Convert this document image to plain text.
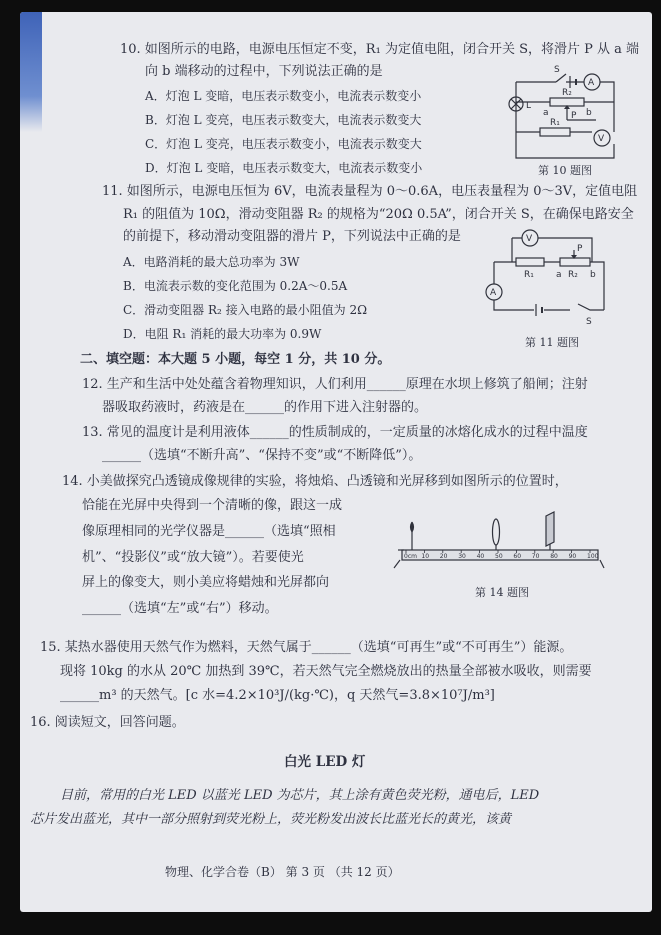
10. 如图所示的电路，电源电压恒定不变，R₁ 为定值电阻，闭合开关 S，将滑片 P 从 a 端
向 b 端移动的过程中，下列说法正确的是
A．灯泡 L 变暗，电压表示数变小，电流表示数变小
B．灯泡 L 变亮，电压表示数变大，电流表示数变大
C．灯泡 L 变亮，电压表示数变小，电流表示数变大
D．灯泡 L 变暗，电压表示数变大，电流表示数变小
S
A
L
R₂
a P b
R₁
V
第 10 题图
11. 如图所示，电源电压恒为 6V，电流表量程为 0～0.6A，电压表量程为 0～3V，定值电阻
R₁ 的阻值为 10Ω，滑动变阻器 R₂ 的规格为“20Ω 0.5A”，闭合开关 S，在确保电路安全
的前提下，移动滑动变阻器的滑片 P，下列说法中正确的是
A．电路消耗的最大总功率为 3W
B．电流表示数的变化范围为 0.2A～0.5A
C．滑动变阻器 R₂ 接入电路的最小阻值为 2Ω
D．电阻 R₁ 消耗的最大功率为 0.9W
V
P
R₁ a R₂ b
A
S
第 11 题图
二、填空题：本大题 5 小题，每空 1 分，共 10 分。
12. 生产和生活中处处蕴含着物理知识，人们利用______原理在水坝上修筑了船闸；注射
器吸取药液时，药液是在______的作用下进入注射器的。
13. 常见的温度计是利用液体______的性质制成的，一定质量的冰熔化成水的过程中温度
______（选填“不断升高”、“保持不变”或“不断降低”）。
14. 小美做探究凸透镜成像规律的实验，将烛焰、凸透镜和光屏移到如图所示的位置时，
恰能在光屏中央得到一个清晰的像，跟这一成
像原理相同的光学仪器是______（选填“照相
机”、“投影仪”或“放大镜”）。若要使光
屏上的像变大，则小美应将蜡烛和光屏都向
______（选填“左”或“右”）移动。
0cm 10 20 30 40 50 60 70 80 90 100
第 14 题图
15. 某热水器使用天然气作为燃料，天然气属于______（选填“可再生”或“不可再生”）能源。
现将 10kg 的水从 20℃ 加热到 39℃，若天然气完全燃烧放出的热量全部被水吸收，则需要
______m³ 的天然气。[c 水=4.2×10³J/(kg·℃)，q 天然气=3.8×10⁷J/m³]
16. 阅读短文，回答问题。
白光 LED 灯
目前，常用的白光 LED 以蓝光 LED 为芯片，其上涂有黄色荧光粉，通电后，LED
芯片发出蓝光，其中一部分照射到荧光粉上，荧光粉发出波长比蓝光长的黄光，该黄
物理、化学合卷（B） 第 3 页 （共 12 页）
